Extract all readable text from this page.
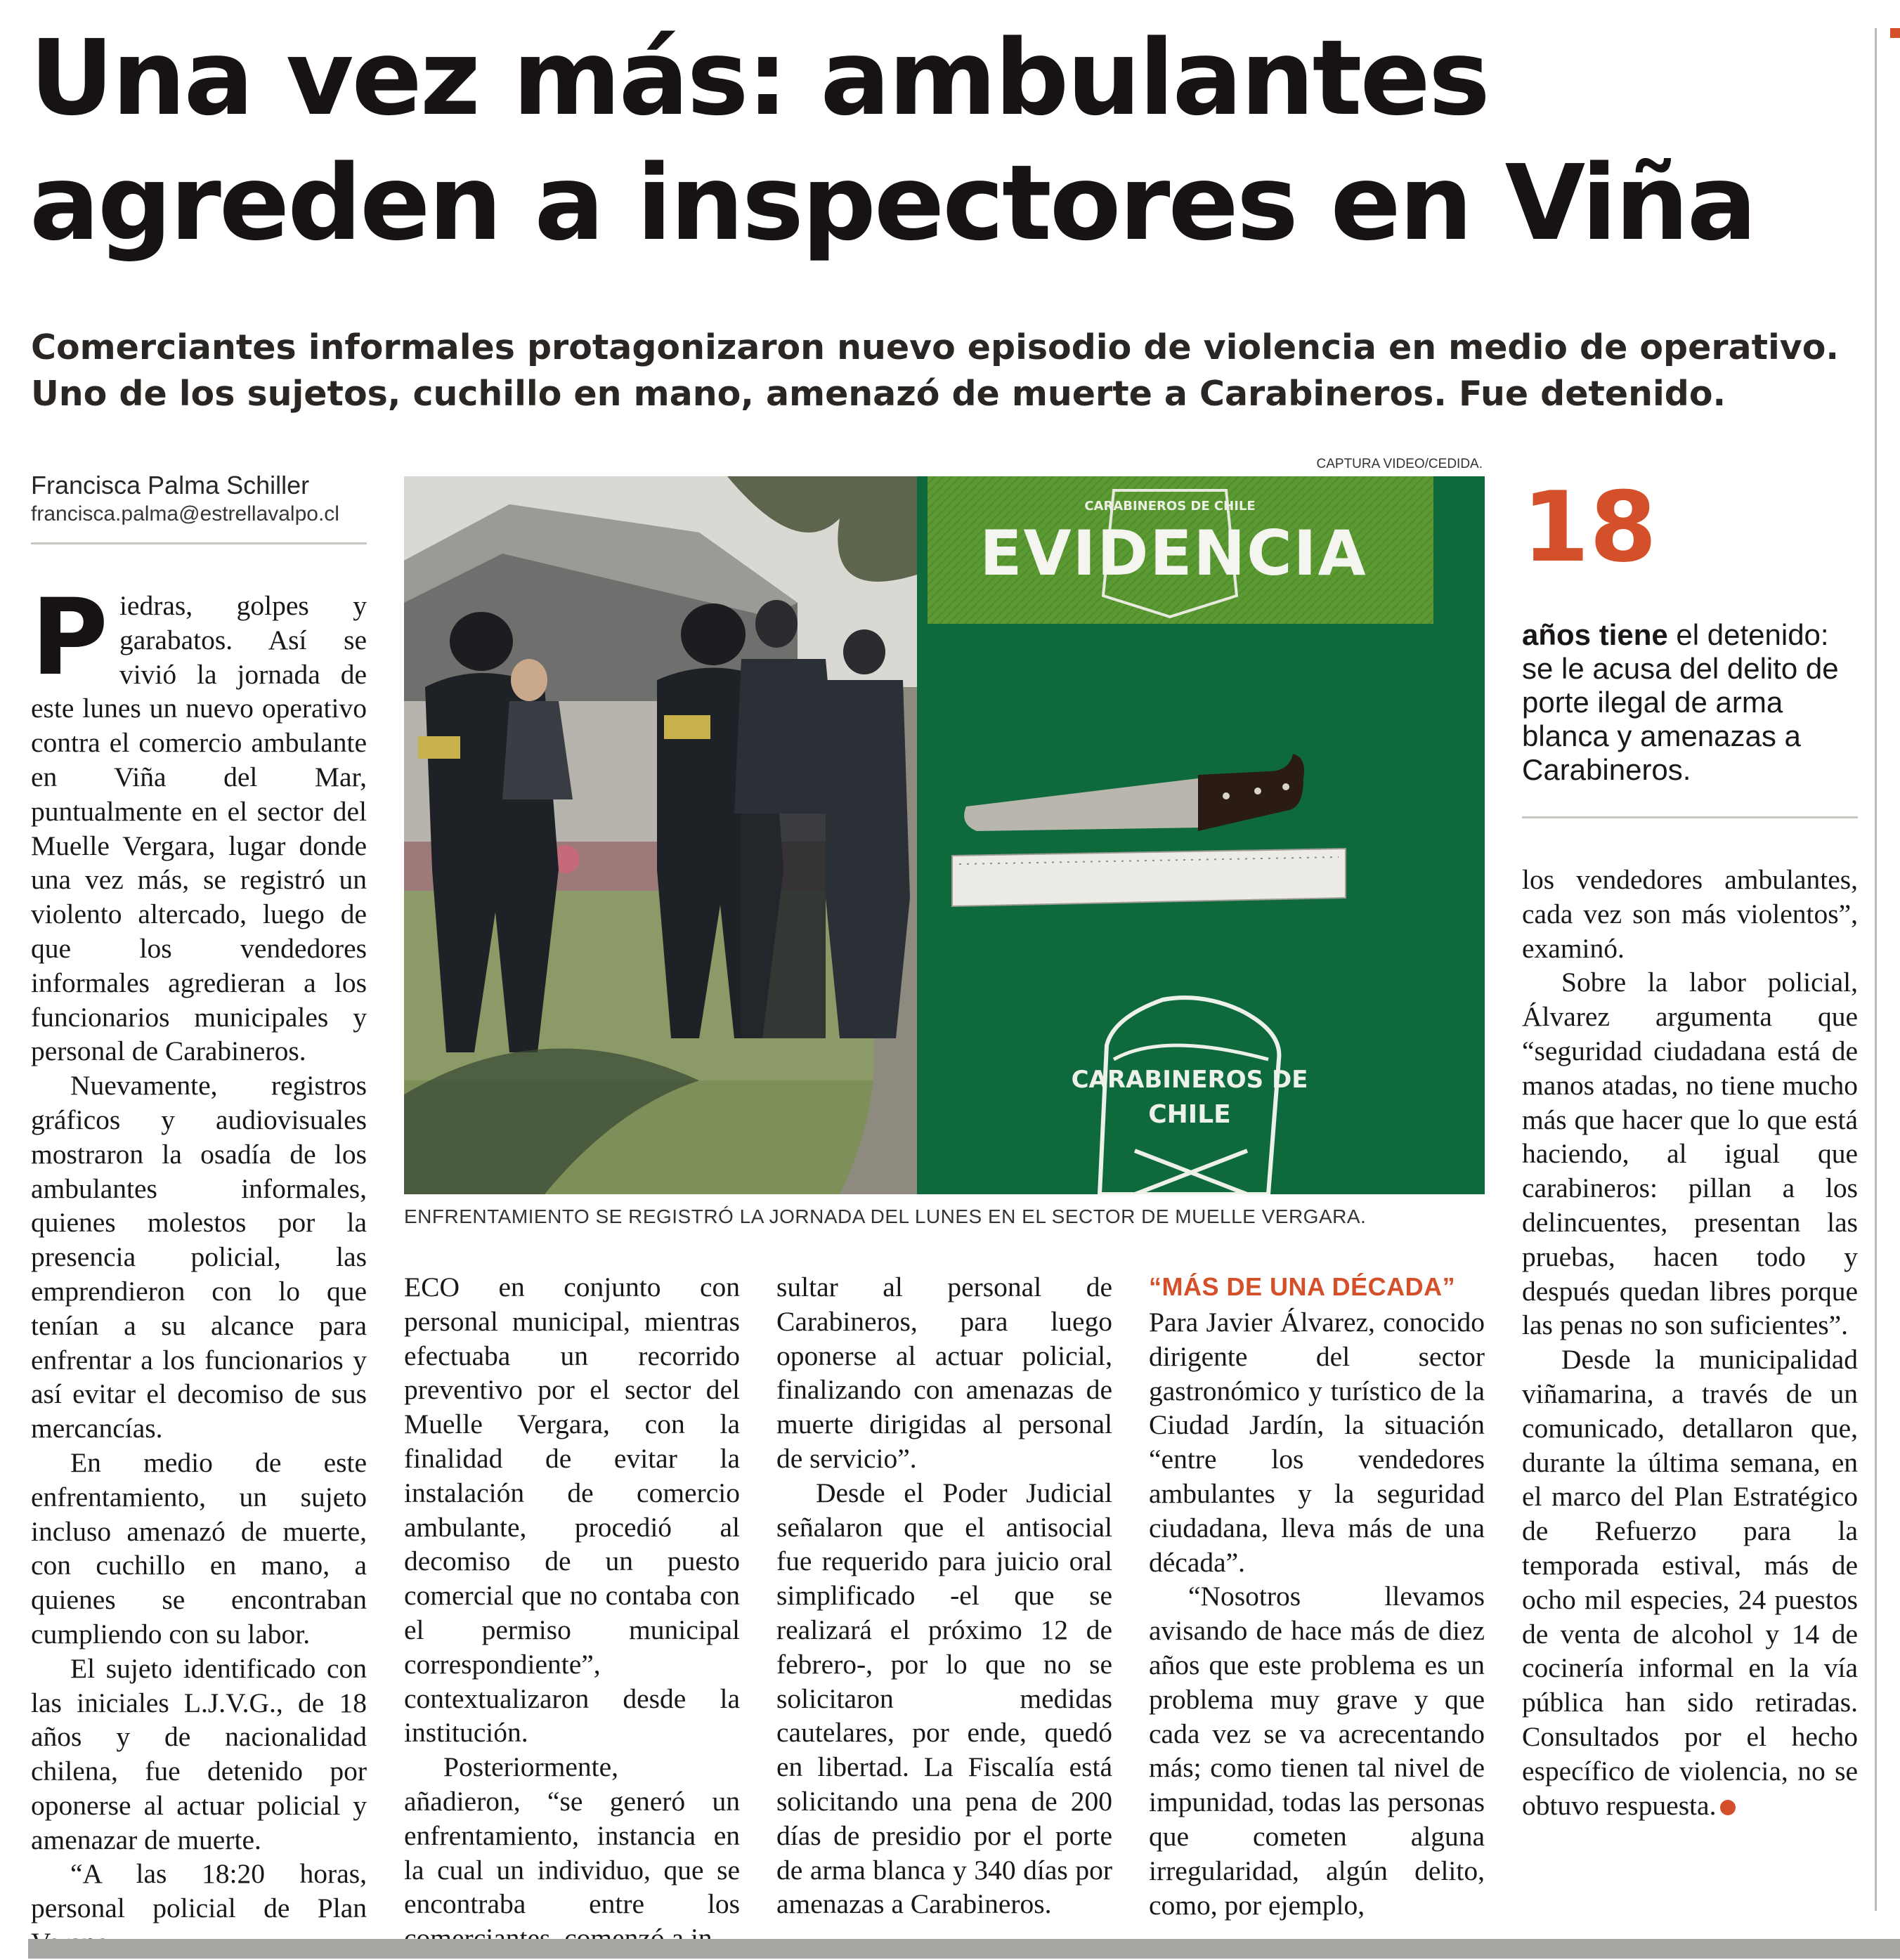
Una vez más: ambulantes
agreden a inspectores en Viña
Comerciantes informales protagonizaron nuevo episodio de violencia en medio de operativo.
Uno de los sujetos, cuchillo en mano, amenazó de muerte a Carabineros. Fue detenido.
Francisca Palma Schiller
francisca.palma@estrellavalpo.cl
CAPTURA VIDEO/CEDIDA.
CARABINEROS DE CHILE
EVIDENCIA
CARABINEROS DE
CHILE
ENFRENTAMIENTO SE REGISTRÓ LA JORNADA DEL LUNES EN EL SECTOR DE MUELLE VERGARA.
18
años tiene el detenido: se le acusa del delito de porte ilegal de arma blanca y amenazas a Carabineros.

Piedras, golpes y garabatos. Así se vivió la jornada de este lunes un nuevo operativo contra el comercio ambulante en Viña del Mar, puntualmente en el sector del Muelle Vergara, lugar donde una vez más, se registró un violento altercado, luego de que los vendedores informales agredieran a los funcionarios municipales y personal de Carabineros.

Nuevamente, registros gráficos y audiovisuales mostraron la osadía de los ambulantes informales, quienes molestos por la presencia policial, las emprendieron con lo que tenían a su alcance para enfrentar a los funcionarios y así evitar el decomiso de sus mercancías.

En medio de este enfrentamiento, un sujeto incluso amenazó de muerte, con cuchillo en mano, a quienes se encontraban cumpliendo con su labor.

El sujeto identificado con las iniciales L.J.V.G., de 18 años y de nacionalidad chilena, fue detenido por oponerse al actuar policial y amenazar de muerte.

“A las 18:20 horas, personal policial de Plan

ECO en conjunto con personal municipal, mientras efectuaba un recorrido preventivo por el sector del Muelle Vergara, con la finalidad de evitar la instalación de comercio ambulante, procedió al decomiso de un puesto comercial que no contaba con el permiso municipal correspondiente”, contextualizaron desde la institución.

Posteriormente, añadieron, “se generó un enfrentamiento, instancia en la cual un individuo, que se encontraba entre los

sultar al personal de Carabineros, para luego oponerse al actuar policial, finalizando con amenazas de muerte dirigidas al personal de servicio”.

Desde el Poder Judicial señalaron que el antisocial fue requerido para juicio oral simplificado -el que se realizará el próximo 12 de febrero-, por lo que no se solicitaron medidas cautelares, por ende, quedó en libertad. La Fiscalía está solicitando una pena de 200 días de presidio por el porte de arma blanca y 340 días por amenazas a Carabineros.

“MÁS DE UNA DÉCADA”

Para Javier Álvarez, conocido dirigente del sector gastronómico y turístico de la Ciudad Jardín, la situación “entre los vendedores ambulantes y la seguridad ciudadana, lleva más de una década”.

“Nosotros llevamos avisando de hace más de diez años que este problema es un problema muy grave y que cada vez se va acrecentando más; como tienen tal nivel de impunidad, todas las personas que cometen alguna irregularidad, algún delito, como, por ejemplo,

los vendedores ambulantes, cada vez son más violentos”, examinó.

Sobre la labor policial, Álvarez argumenta que “seguridad ciudadana está de manos atadas, no tiene mucho más que hacer que lo que está haciendo, al igual que carabineros: pillan a los delincuentes, presentan las pruebas, hacen todo y después quedan libres porque las penas no son suficientes”.

Desde la municipalidad viñamarina, a través de un comunicado, detallaron que, durante la última semana, en el marco del Plan Estratégico de Refuerzo para la temporada estival, más de ocho mil especies, 24 puestos de venta de alcohol y 14 de cocinería informal en la vía pública han sido retiradas. Consultados por el hecho específico de violencia, no se obtuvo respuesta.	✪
